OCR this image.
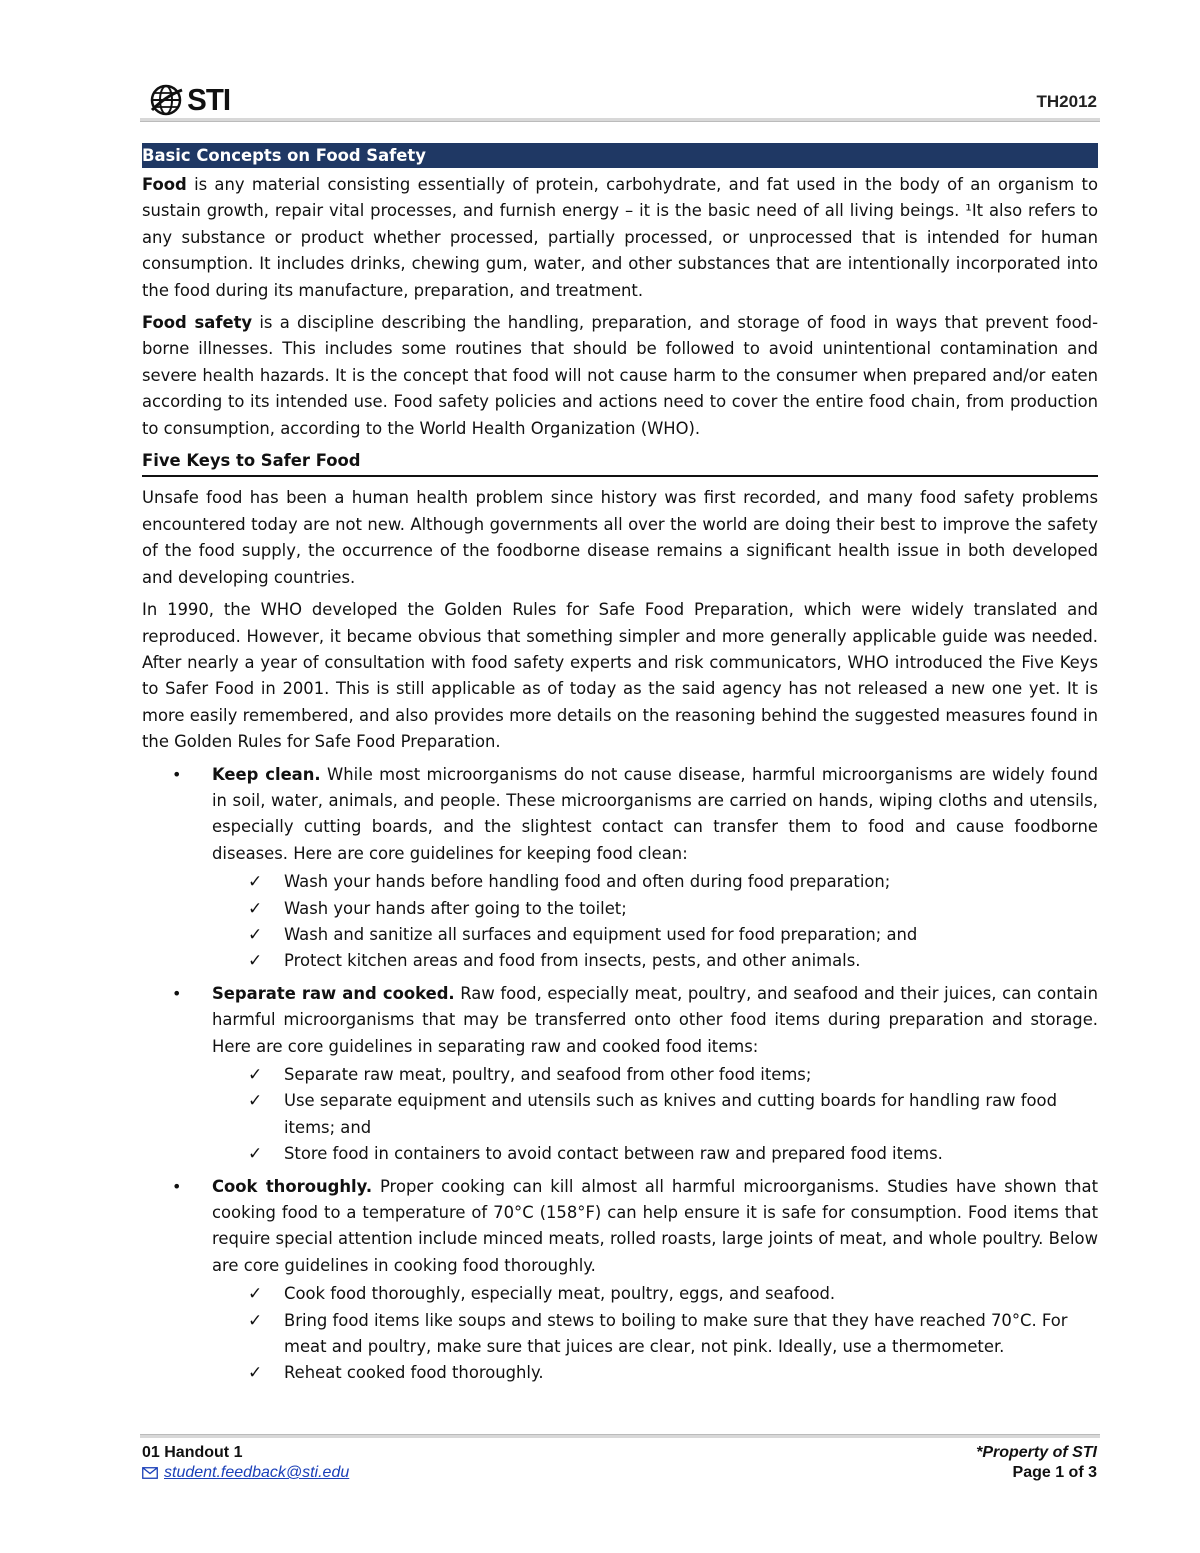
STI	TH2012
Basic Concepts on Food Safety

Food is any material consisting essentially of protein, carbohydrate, and fat used in the body of an organism to sustain growth, repair vital processes, and furnish energy – it is the basic need of all living beings. ¹It also refers to any substance or product whether processed, partially processed, or unprocessed that is intended for human consumption. It includes drinks, chewing gum, water, and other substances that are intentionally incorporated into the food during its manufacture, preparation, and treatment.

Food safety is a discipline describing the handling, preparation, and storage of food in ways that prevent food-borne illnesses. This includes some routines that should be followed to avoid unintentional contamination and severe health hazards. It is the concept that food will not cause harm to the consumer when prepared and/or eaten according to its intended use. Food safety policies and actions need to cover the entire food chain, from production to consumption, according to the World Health Organization (WHO).

Five Keys to Safer Food

Unsafe food has been a human health problem since history was first recorded, and many food safety problems encountered today are not new. Although governments all over the world are doing their best to improve the safety of the food supply, the occurrence of the foodborne disease remains a significant health issue in both developed and developing countries.

In 1990, the WHO developed the Golden Rules for Safe Food Preparation, which were widely translated and reproduced. However, it became obvious that something simpler and more generally applicable guide was needed. After nearly a year of consultation with food safety experts and risk communicators, WHO introduced the Five Keys to Safer Food in 2001. This is still applicable as of today as the said agency has not released a new one yet. It is more easily remembered, and also provides more details on the reasoning behind the suggested measures found in the Golden Rules for Safe Food Preparation.

• Keep clean. While most microorganisms do not cause disease, harmful microorganisms are widely found in soil, water, animals, and people. These microorganisms are carried on hands, wiping cloths and utensils, especially cutting boards, and the slightest contact can transfer them to food and cause foodborne diseases. Here are core guidelines for keeping food clean:
✓ Wash your hands before handling food and often during food preparation;
✓ Wash your hands after going to the toilet;
✓ Wash and sanitize all surfaces and equipment used for food preparation; and
✓ Protect kitchen areas and food from insects, pests, and other animals.
• Separate raw and cooked. Raw food, especially meat, poultry, and seafood and their juices, can contain harmful microorganisms that may be transferred onto other food items during preparation and storage. Here are core guidelines in separating raw and cooked food items:
✓ Separate raw meat, poultry, and seafood from other food items;
✓ Use separate equipment and utensils such as knives and cutting boards for handling raw food items; and
✓ Store food in containers to avoid contact between raw and prepared food items.
• Cook thoroughly. Proper cooking can kill almost all harmful microorganisms. Studies have shown that cooking food to a temperature of 70°C (158°F) can help ensure it is safe for consumption. Food items that require special attention include minced meats, rolled roasts, large joints of meat, and whole poultry. Below are core guidelines in cooking food thoroughly.
✓ Cook food thoroughly, especially meat, poultry, eggs, and seafood.
✓ Bring food items like soups and stews to boiling to make sure that they have reached 70°C. For meat and poultry, make sure that juices are clear, not pink. Ideally, use a thermometer.
✓ Reheat cooked food thoroughly.
01 Handout 1
student.feedback@sti.edu
*Property of STI
Page 1 of 3
